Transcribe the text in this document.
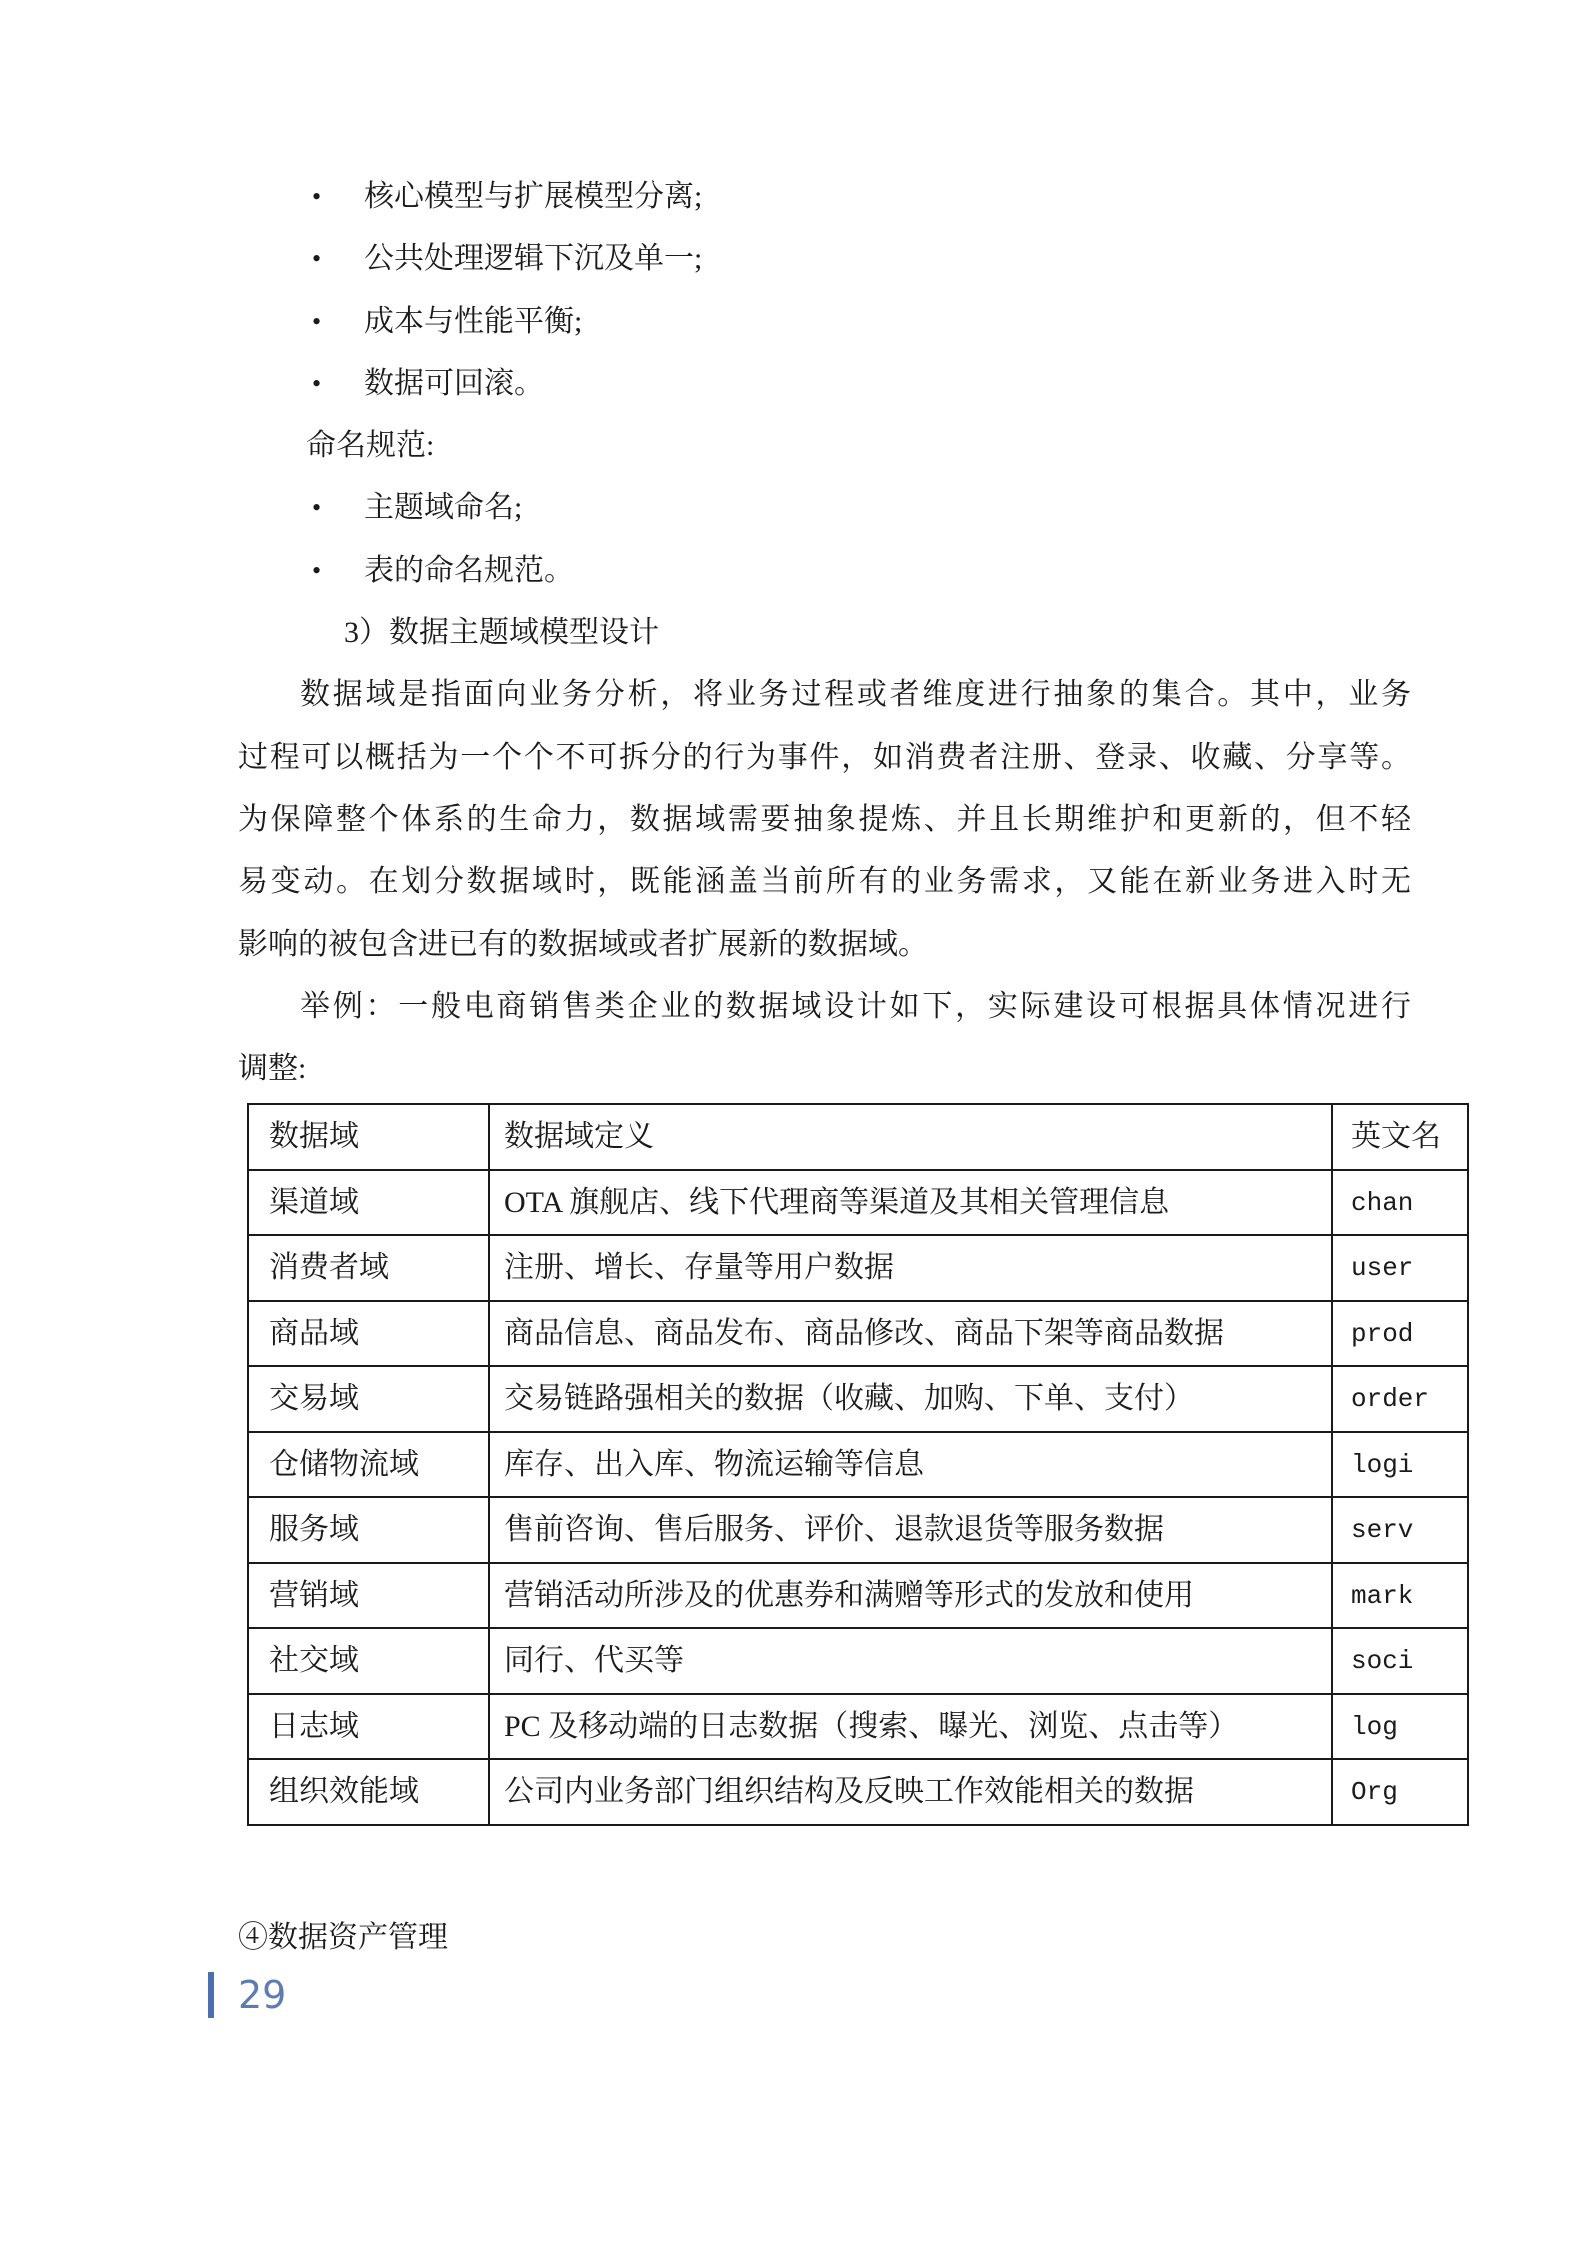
• 核心模型与扩展模型分离;
• 公共处理逻辑下沉及单一;
• 成本与性能平衡;
• 数据可回滚。
命名规范:
• 主题域命名;
• 表的命名规范。
3）数据主题域模型设计
数据域是指面向业务分析，将业务过程或者维度进行抽象的集合。其中，业务
过程可以概括为一个个不可拆分的行为事件，如消费者注册、登录、收藏、分享等。
为保障整个体系的生命力，数据域需要抽象提炼、并且长期维护和更新的，但不轻
易变动。在划分数据域时，既能涵盖当前所有的业务需求，又能在新业务进入时无
影响的被包含进已有的数据域或者扩展新的数据域。
举例：一般电商销售类企业的数据域设计如下，实际建设可根据具体情况进行
调整:
数据域	数据域定义	英文名
渠道域	OTA 旗舰店、线下代理商等渠道及其相关管理信息	chan
消费者域	注册、增长、存量等用户数据	user
商品域	商品信息、商品发布、商品修改、商品下架等商品数据	prod
交易域	交易链路强相关的数据（收藏、加购、下单、支付）	order
仓储物流域	库存、出入库、物流运输等信息	logi
服务域	售前咨询、售后服务、评价、退款退货等服务数据	serv
营销域	营销活动所涉及的优惠券和满赠等形式的发放和使用	mark
社交域	同行、代买等	soci
日志域	PC 及移动端的日志数据（搜索、曝光、浏览、点击等）	log
组织效能域	公司内业务部门组织结构及反映工作效能相关的数据	Org
④数据资产管理
29
